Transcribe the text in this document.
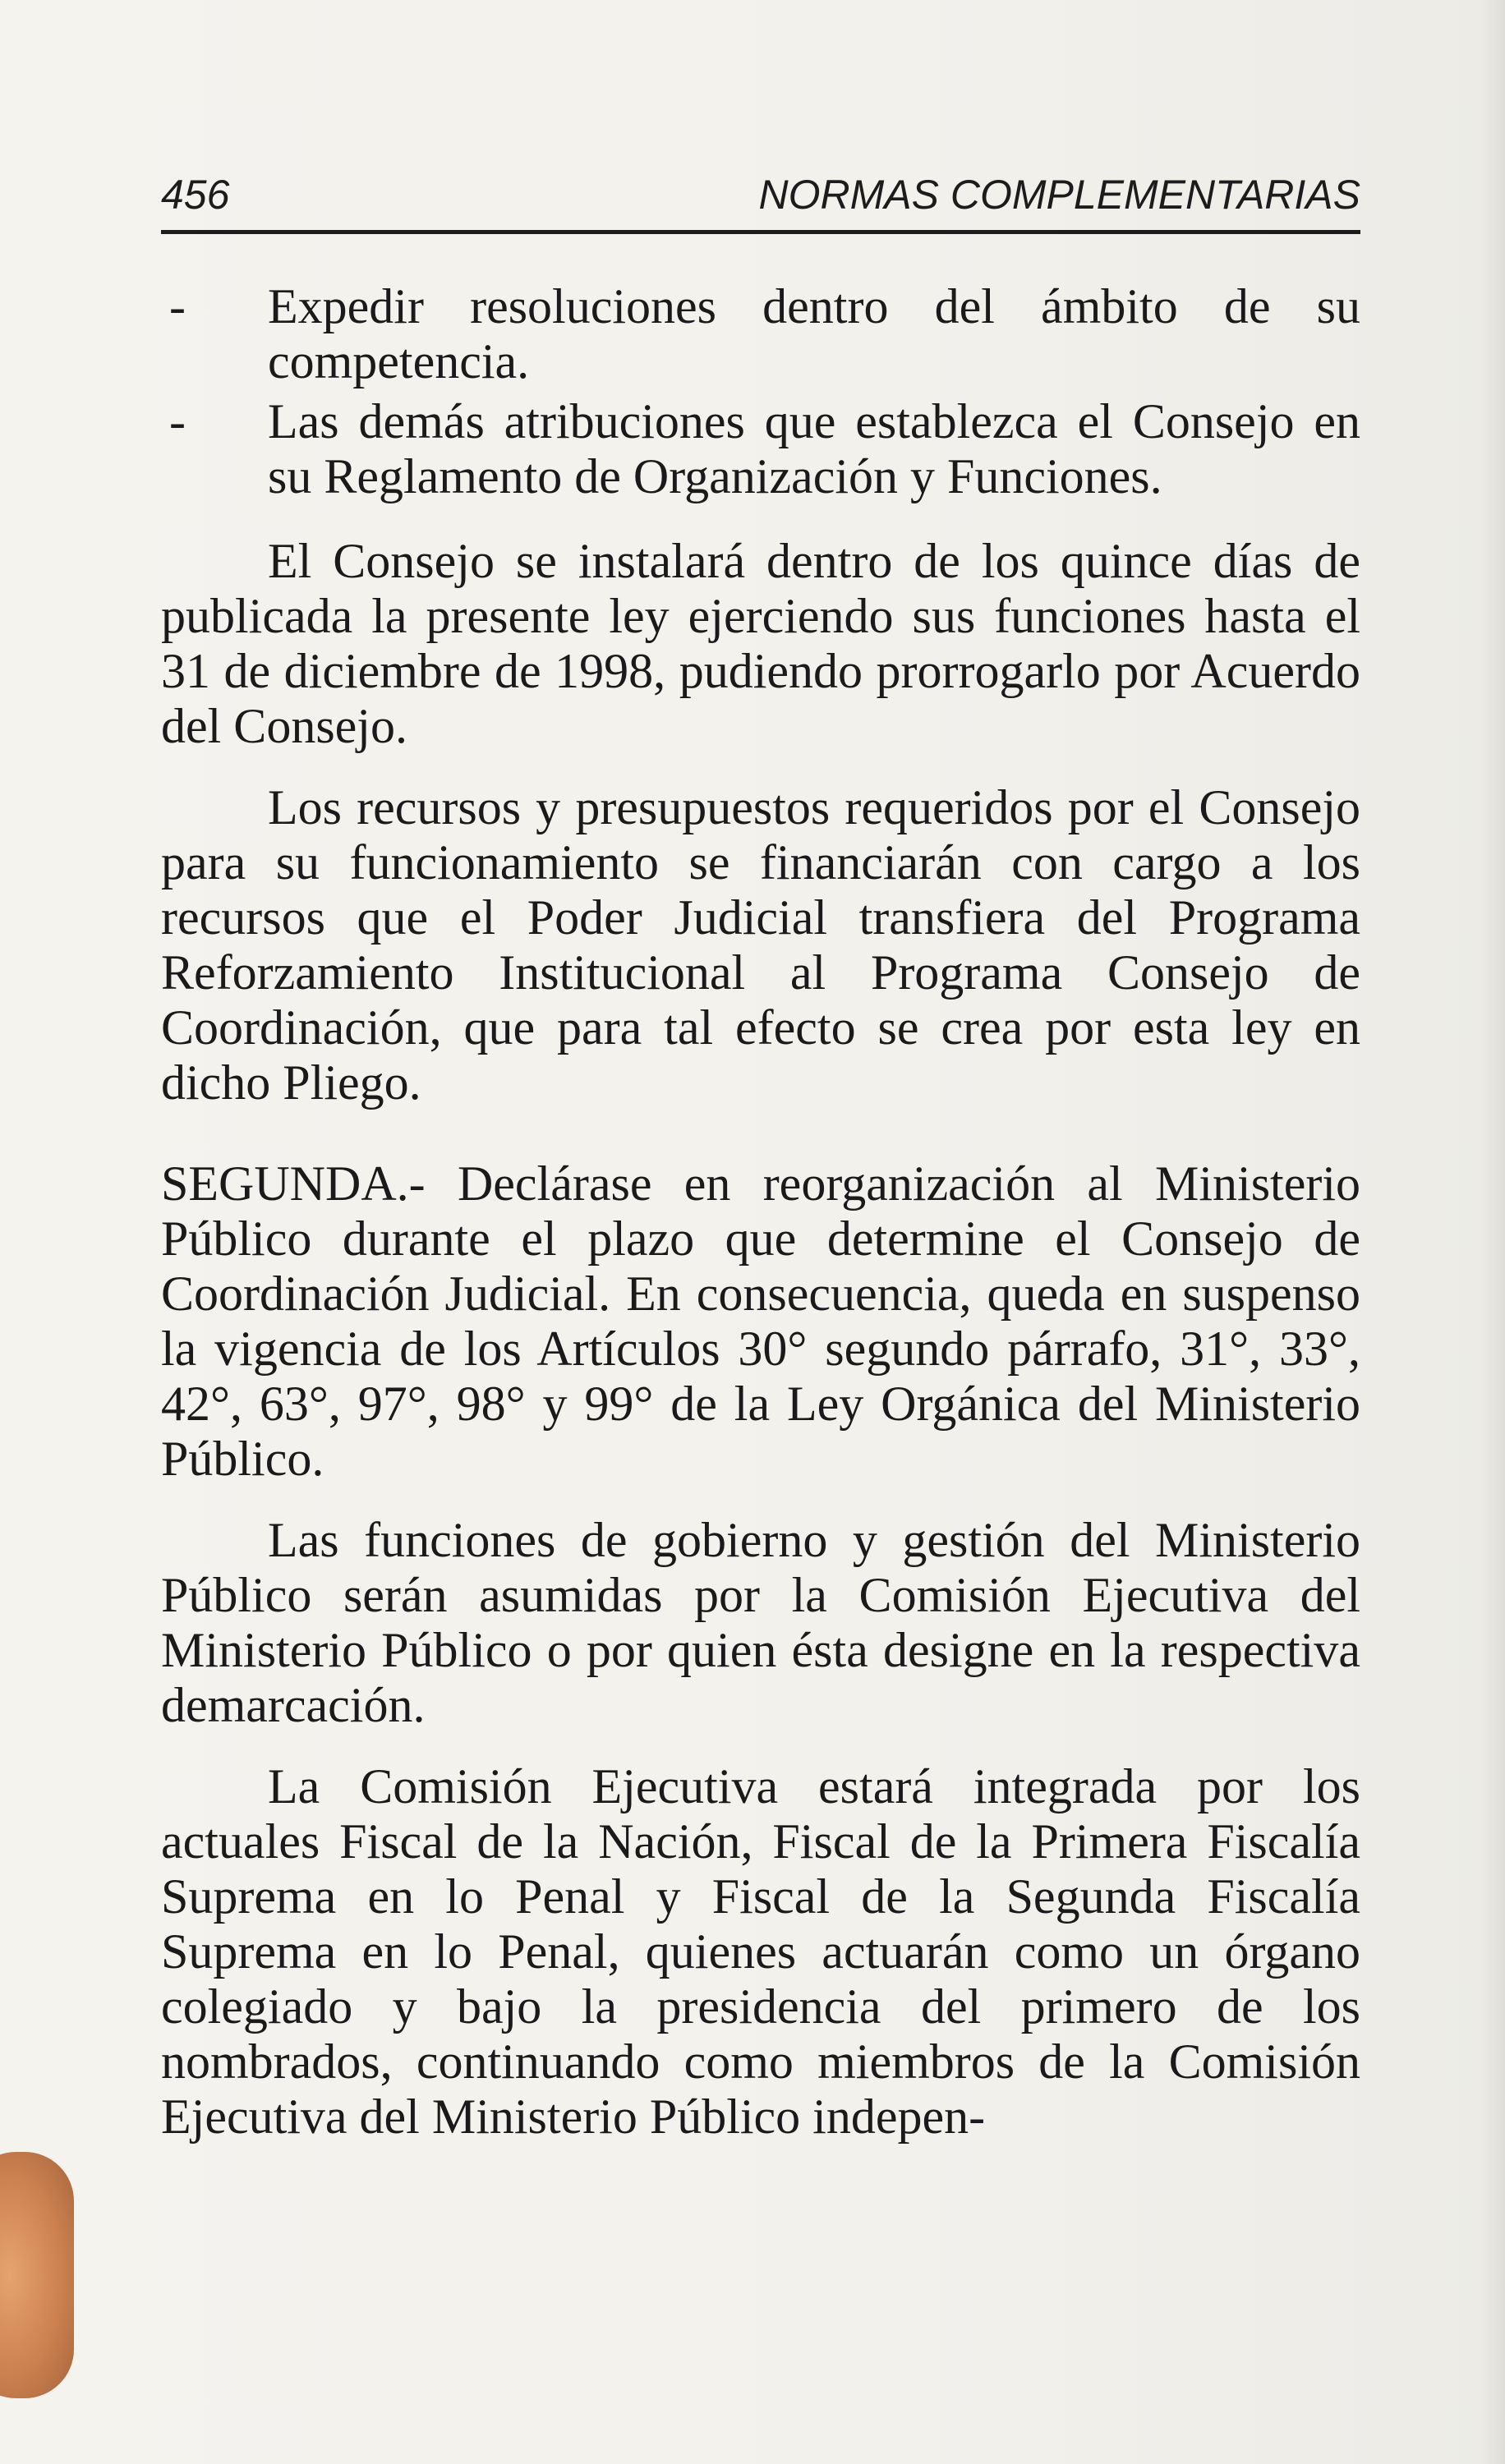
456	NORMAS COMPLEMENTARIAS

- Expedir resoluciones dentro del ámbito de su competencia.

- Las demás atribuciones que establezca el Consejo en su Reglamento de Organización y Funciones.

El Consejo se instalará dentro de los quince días de publicada la presente ley ejerciendo sus funciones hasta el 31 de diciembre de 1998, pudiendo prorrogarlo por Acuerdo del Consejo.

Los recursos y presupuestos requeridos por el Consejo para su funcionamiento se financiarán con cargo a los recursos que el Poder Judicial transfiera del Programa Reforzamiento Institucional al Programa Consejo de Coordinación, que para tal efecto se crea por esta ley en dicho Pliego.

SEGUNDA.- Declárase en reorganización al Ministerio Público durante el plazo que determine el Consejo de Coordinación Judicial. En consecuencia, queda en suspenso la vigencia de los Artículos 30° segundo párrafo, 31°, 33°, 42°, 63°, 97°, 98° y 99° de la Ley Orgánica del Ministerio Público.

Las funciones de gobierno y gestión del Ministerio Público serán asumidas por la Comisión Ejecutiva del Ministerio Público o por quien ésta designe en la respectiva demarcación.

La Comisión Ejecutiva estará integrada por los actuales Fiscal de la Nación, Fiscal de la Primera Fiscalía Suprema en lo Penal y Fiscal de la Segunda Fiscalía Suprema en lo Penal, quienes actuarán como un órgano colegiado y bajo la presidencia del primero de los nombrados, continuando como miembros de la Comisión Ejecutiva del Ministerio Público indepen-
